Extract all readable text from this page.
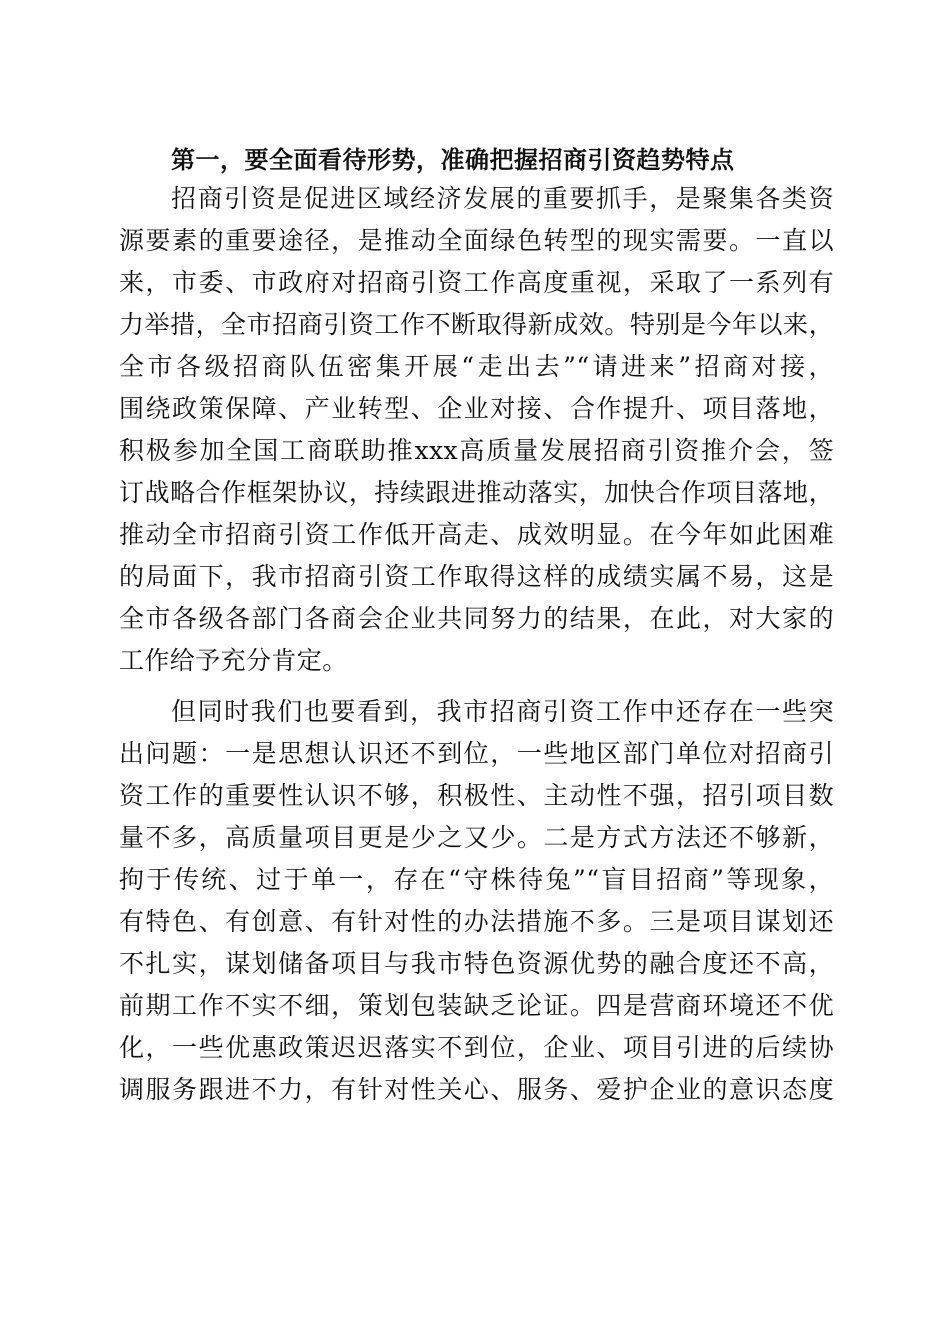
第一，要全面看待形势，准确把握招商引资趋势特点
招商引资是促进区域经济发展的重要抓手，是聚集各类资
源要素的重要途径，是推动全面绿色转型的现实需要。一直以
来，市委、市政府对招商引资工作高度重视，采取了一系列有
力举措，全市招商引资工作不断取得新成效。特别是今年以来，
全市各级招商队伍密集开展“走出去”“请进来”招商对接，
围绕政策保障、产业转型、企业对接、合作提升、项目落地，
积极参加全国工商联助推xxx高质量发展招商引资推介会，签
订战略合作框架协议，持续跟进推动落实，加快合作项目落地，
推动全市招商引资工作低开高走、成效明显。在今年如此困难
的局面下，我市招商引资工作取得这样的成绩实属不易，这是
全市各级各部门各商会企业共同努力的结果，在此，对大家的
工作给予充分肯定。
但同时我们也要看到，我市招商引资工作中还存在一些突
出问题：一是思想认识还不到位，一些地区部门单位对招商引
资工作的重要性认识不够，积极性、主动性不强，招引项目数
量不多，高质量项目更是少之又少。二是方式方法还不够新，
拘于传统、过于单一，存在“守株待兔”“盲目招商”等现象，
有特色、有创意、有针对性的办法措施不多。三是项目谋划还
不扎实，谋划储备项目与我市特色资源优势的融合度还不高，
前期工作不实不细，策划包装缺乏论证。四是营商环境还不优
化，一些优惠政策迟迟落实不到位，企业、项目引进的后续协
调服务跟进不力，有针对性关心、服务、爱护企业的意识态度
